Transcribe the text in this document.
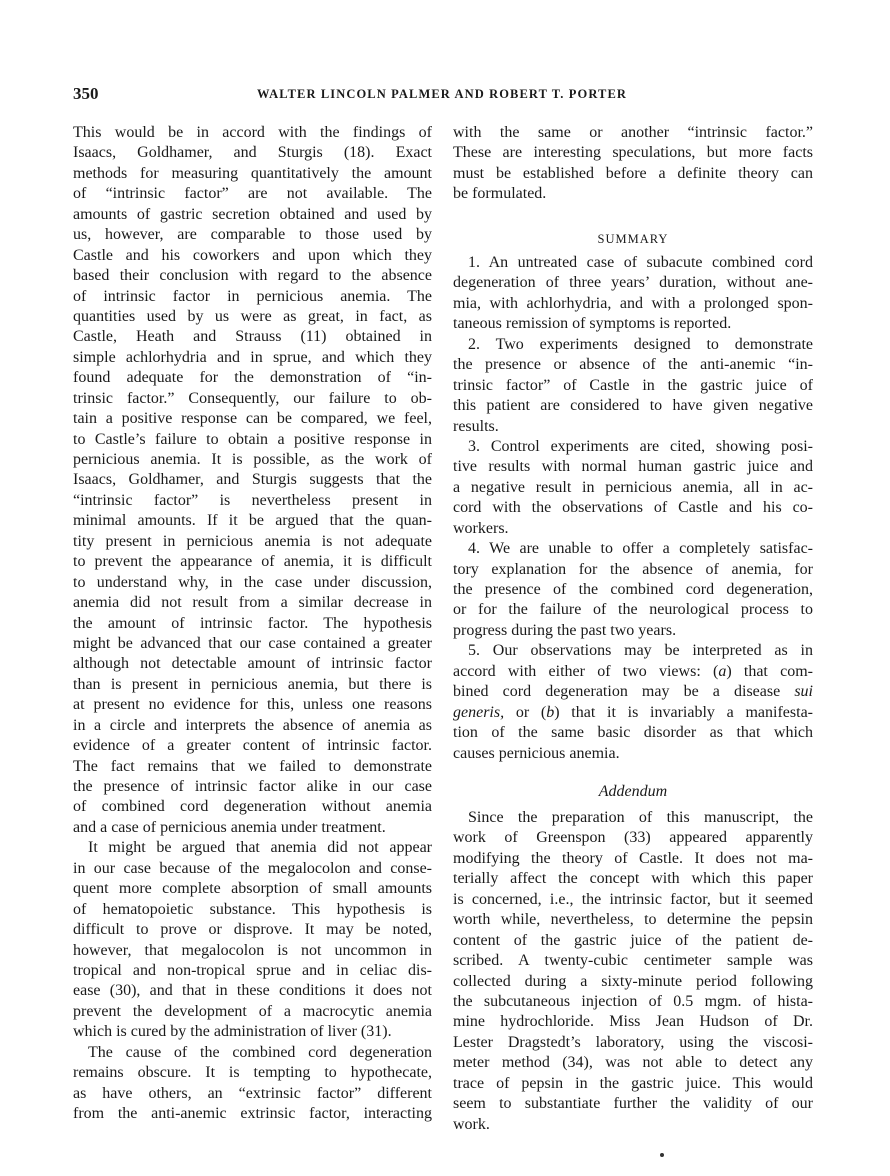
350	WALTER LINCOLN PALMER AND ROBERT T. PORTER
This would be in accord with the findings of
Isaacs, Goldhamer, and Sturgis (18). Exact
methods for measuring quantitatively the amount
of “intrinsic factor” are not available. The
amounts of gastric secretion obtained and used by
us, however, are comparable to those used by
Castle and his coworkers and upon which they
based their conclusion with regard to the absence
of intrinsic factor in pernicious anemia. The
quantities used by us were as great, in fact, as
Castle, Heath and Strauss (11) obtained in
simple achlorhydria and in sprue, and which they
found adequate for the demonstration of “in-
trinsic factor.” Consequently, our failure to ob-
tain a positive response can be compared, we feel,
to Castle’s failure to obtain a positive response in
pernicious anemia. It is possible, as the work of
Isaacs, Goldhamer, and Sturgis suggests that the
“intrinsic factor” is nevertheless present in
minimal amounts. If it be argued that the quan-
tity present in pernicious anemia is not adequate
to prevent the appearance of anemia, it is difficult
to understand why, in the case under discussion,
anemia did not result from a similar decrease in
the amount of intrinsic factor. The hypothesis
might be advanced that our case contained a greater
although not detectable amount of intrinsic factor
than is present in pernicious anemia, but there is
at present no evidence for this, unless one reasons
in a circle and interprets the absence of anemia as
evidence of a greater content of intrinsic factor.
The fact remains that we failed to demonstrate
the presence of intrinsic factor alike in our case
of combined cord degeneration without anemia
and a case of pernicious anemia under treatment.
It might be argued that anemia did not appear
in our case because of the megalocolon and conse-
quent more complete absorption of small amounts
of hematopoietic substance. This hypothesis is
difficult to prove or disprove. It may be noted,
however, that megalocolon is not uncommon in
tropical and non-tropical sprue and in celiac dis-
ease (30), and that in these conditions it does not
prevent the development of a macrocytic anemia
which is cured by the administration of liver (31).
The cause of the combined cord degeneration
remains obscure. It is tempting to hypothecate,
as have others, an “extrinsic factor” different
from the anti-anemic extrinsic factor, interacting
with the same or another “intrinsic factor.”
These are interesting speculations, but more facts
must be established before a definite theory can
be formulated.
SUMMARY
1. An untreated case of subacute combined cord
degeneration of three years’ duration, without ane-
mia, with achlorhydria, and with a prolonged spon-
taneous remission of symptoms is reported.
2. Two experiments designed to demonstrate
the presence or absence of the anti-anemic “in-
trinsic factor” of Castle in the gastric juice of
this patient are considered to have given negative
results.
3. Control experiments are cited, showing posi-
tive results with normal human gastric juice and
a negative result in pernicious anemia, all in ac-
cord with the observations of Castle and his co-
workers.
4. We are unable to offer a completely satisfac-
tory explanation for the absence of anemia, for
the presence of the combined cord degeneration,
or for the failure of the neurological process to
progress during the past two years.
5. Our observations may be interpreted as in
accord with either of two views: (a) that com-
bined cord degeneration may be a disease sui
generis, or (b) that it is invariably a manifesta-
tion of the same basic disorder as that which
causes pernicious anemia.
Addendum
Since the preparation of this manuscript, the
work of Greenspon (33) appeared apparently
modifying the theory of Castle. It does not ma-
terially affect the concept with which this paper
is concerned, i.e., the intrinsic factor, but it seemed
worth while, nevertheless, to determine the pepsin
content of the gastric juice of the patient de-
scribed. A twenty-cubic centimeter sample was
collected during a sixty-minute period following
the subcutaneous injection of 0.5 mgm. of hista-
mine hydrochloride. Miss Jean Hudson of Dr.
Lester Dragstedt’s laboratory, using the viscosi-
meter method (34), was not able to detect any
trace of pepsin in the gastric juice. This would
seem to substantiate further the validity of our
work.
